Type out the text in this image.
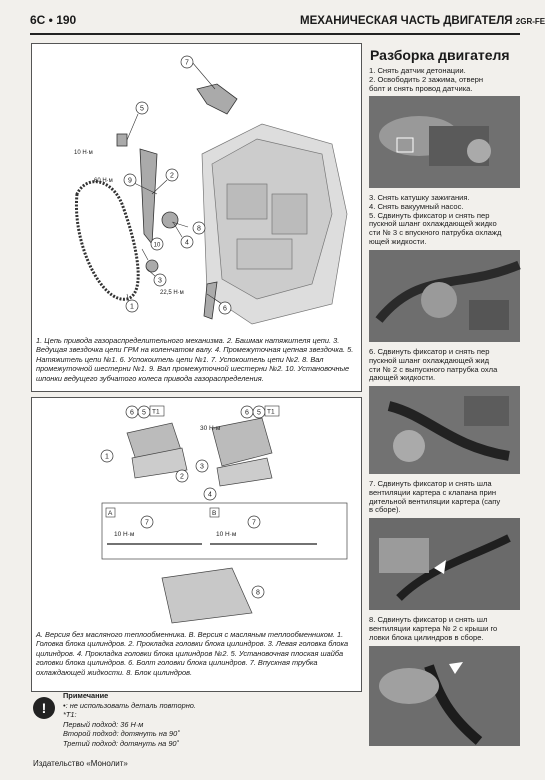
6C • 190	МЕХАНИЧЕСКАЯ ЧАСТЬ ДВИГАТЕЛЯ 2GR-FE
5
2
9
7
8
4
10
3
1	6
10 Н·м
60 Н·м
22,5 Н·м
1. Цепь привода газораспределительного механизма. 2. Башмак натяжителя цепи. 3. Ведущая звездочка цепи ГРМ на коленчатом валу. 4. Промежуточная цепная звездочка. 5. Натяжитель цепи №1. 6. Успокоитель цепи №1. 7. Успокоитель цепи №2. 8. Вал промежуточной шестерни №1. 9. Вал промежуточной шестерни №2. 10. Установочные шпонки ведущего зубчатого колеса привода газораспределения.
1
6 5
2
3
4
6 5
7	7
8
T1	T1
A	B
30 Н·м
10 Н·м	10 Н·м
A. Версия без масляного теплообменника. B. Версия с масляным теплообменником. 1. Головка блока цилиндров. 2. Прокладка головки блока цилиндров. 3. Левая головка блока цилиндров. 4. Прокладка головки блока цилиндров №2. 5. Установочная плоская шайба головки блока цилиндров. 6. Болт головки блока цилиндров. 7. Впускная трубка охлаждающей жидкости. 8. Блок цилиндров.
!
Примечание
•: не использовать деталь повторно.
*T1:
Первый подход: 36 Н·м
Второй подход: дотянуть на 90˚
Третий подход: дотянуть на 90˚
Издательство «Монолит»
Разборка двигателя

1. Снять датчик детонации.

2. Освободить 2 зажима, отверн

болт и снять провод датчика.

3. Снять катушку зажигания.

4. Снять вакуумный насос.

5. Сдвинуть фиксатор и снять пер

пускной шланг охлаждающей жидко

сти № 3 с впускного патрубка охлажд

ющей жидкости.

6. Сдвинуть фиксатор и снять пер

пускной шланг охлаждающей жид

сти № 2 с выпускного патрубка охла

дающей жидкости.

7. Сдвинуть фиксатор и снять шла

вентиляции картера с клапана прин

дительной вентиляции картера (сапу

в сборе).

8. Сдвинуть фиксатор и снять шл

вентиляции картера № 2 с крыши го

ловки блока цилиндров в сборе.
